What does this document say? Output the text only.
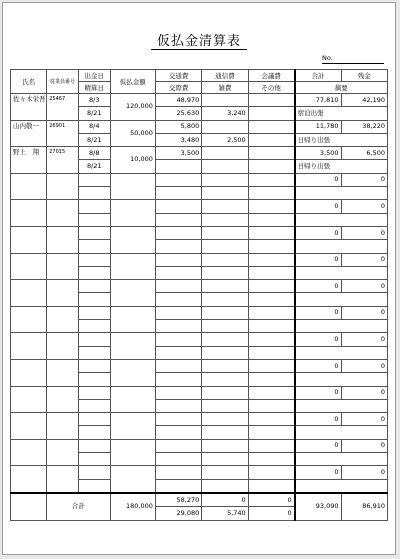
仮払金清算表
No.
氏名	従業員番号	出金日	仮払金額	交通費	通信費	会議費	合計	残金
		精算日		交際費	雑費	その他	摘要	
佐々木栄吾	25467	8/3	120,000	48,970			77,810	42,190
		8/21		25,630	3,240		宿泊出張	
山内敬一	26901	8/4	50,000	5,800			11,780	38,220
		8/21		3,480	2,500		日帰り出張	
野上　翔	27015	8/8	10,000	3,500			3,500	6,500
		8/21					日帰り出張	
							0	0

							0	0

							0	0

							0	0

							0	0

							0	0

							0	0

							0	0

							0	0

							0	0

							0	0

							0	0

	合計		180,000	58,270	0	0	93,090	86,910
				29,080	5,740	0		
